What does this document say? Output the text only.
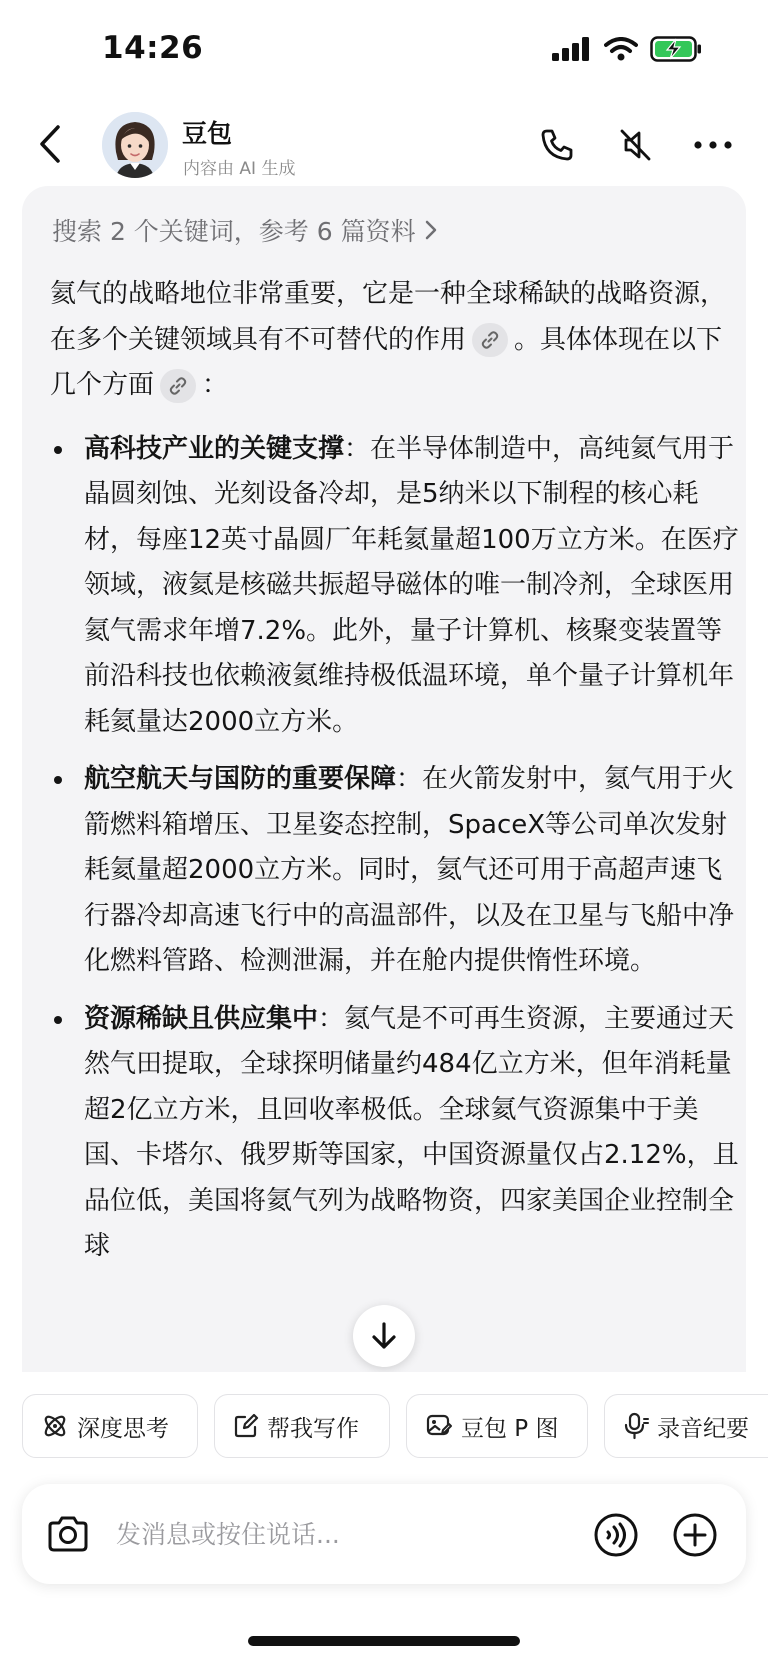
14:26
豆包
内容由 AI 生成
搜索 2 个关键词，参考 6 篇资料

氦气的战略地位非常重要，它是一种全球稀缺的战略资源，在多个关键领域具有不可替代的作用 。具体体现在以下几个方面 ：

高科技产业的关键支撑：在半导体制造中，高纯氦气用于晶圆刻蚀、光刻设备冷却，是5纳米以下制程的核心耗材，每座12英寸晶圆厂年耗氦量超100万立方米。在医疗领域，液氦是核磁共振超导磁体的唯一制冷剂，全球医用氦气需求年增7.2%。此外，量子计算机、核聚变装置等前沿科技也依赖液氦维持极低温环境，单个量子计算机年耗氦量达2000立方米。
航空航天与国防的重要保障：在火箭发射中，氦气用于火箭燃料箱增压、卫星姿态控制，SpaceX等公司单次发射耗氦量超2000立方米。同时，氦气还可用于高超声速飞行器冷却高速飞行中的高温部件，以及在卫星与飞船中净化燃料管路、检测泄漏，并在舱内提供惰性环境。
资源稀缺且供应集中：氦气是不可再生资源，主要通过天然气田提取，全球探明储量约484亿立方米，但年消耗量超2亿立方米，且回收率极低。全球氦气资源集中于美国、卡塔尔、俄罗斯等国家，中国资源量仅占2.12%，且品位低，美国将氦气列为战略物资，四家美国企业控制全球
深度思考	帮我写作	豆包 P 图	录音纪要
发消息或按住说话...
